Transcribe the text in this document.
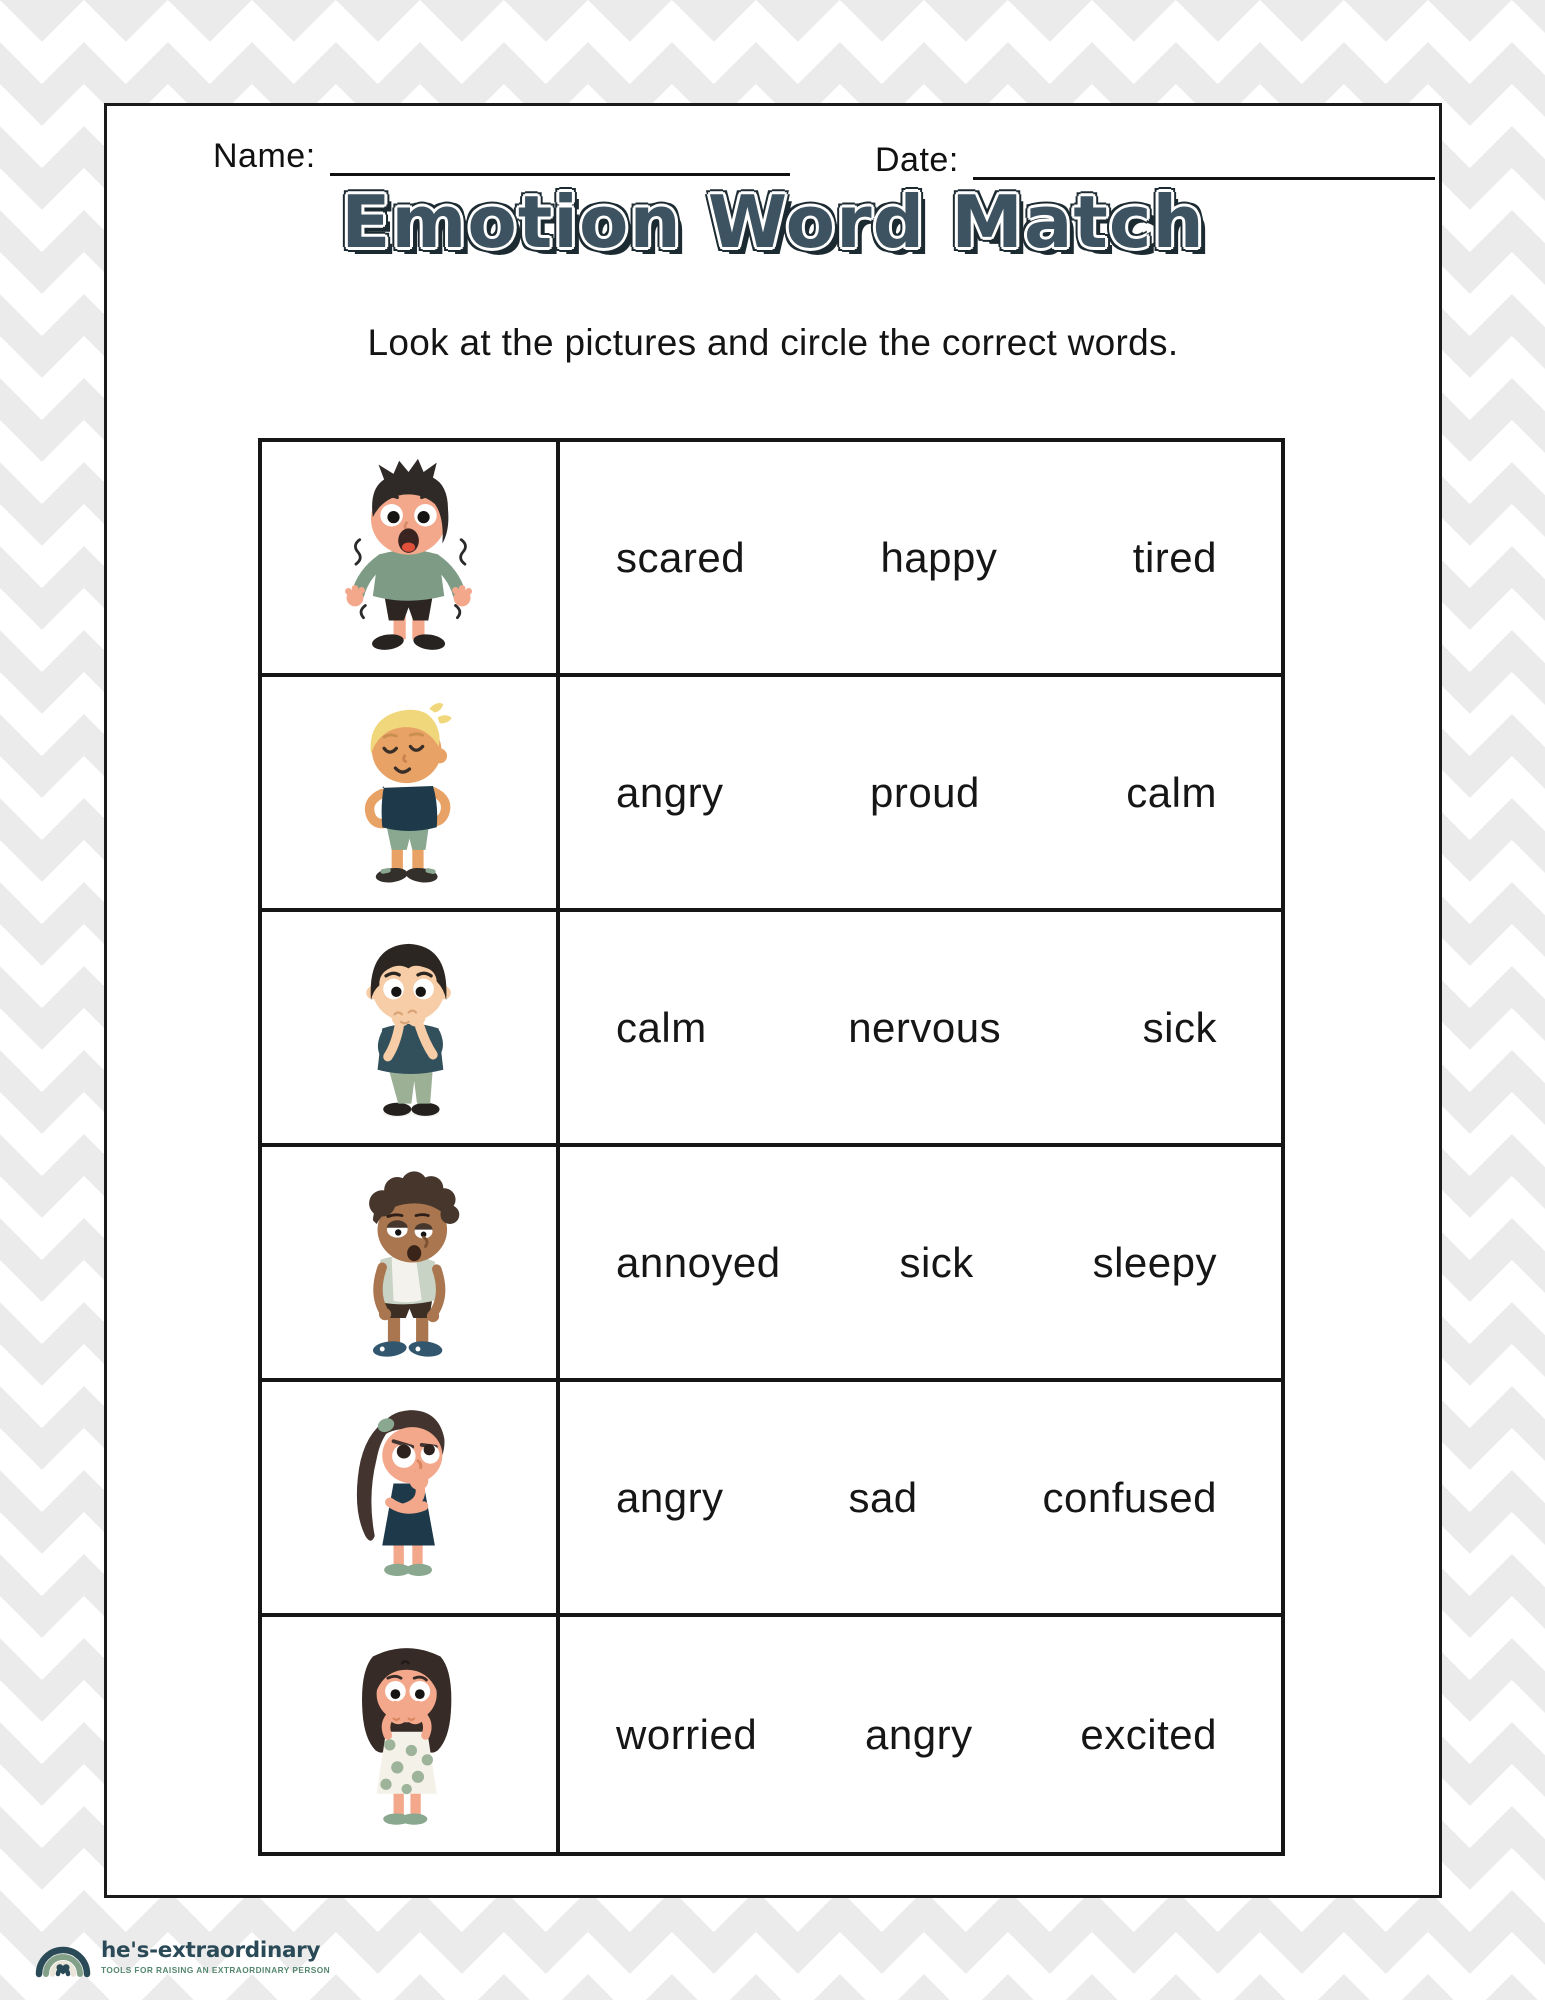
Name:	Date:
Emotion Word Match

Look at the pictures and circle the correct words.

scared	happy	tired
angry	proud	calm
calm	nervous	sick
annoyed	sick	sleepy
angry	sad	confused
worried	angry	excited
he's-extraordinary
TOOLS FOR RAISING AN EXTRAORDINARY PERSON
